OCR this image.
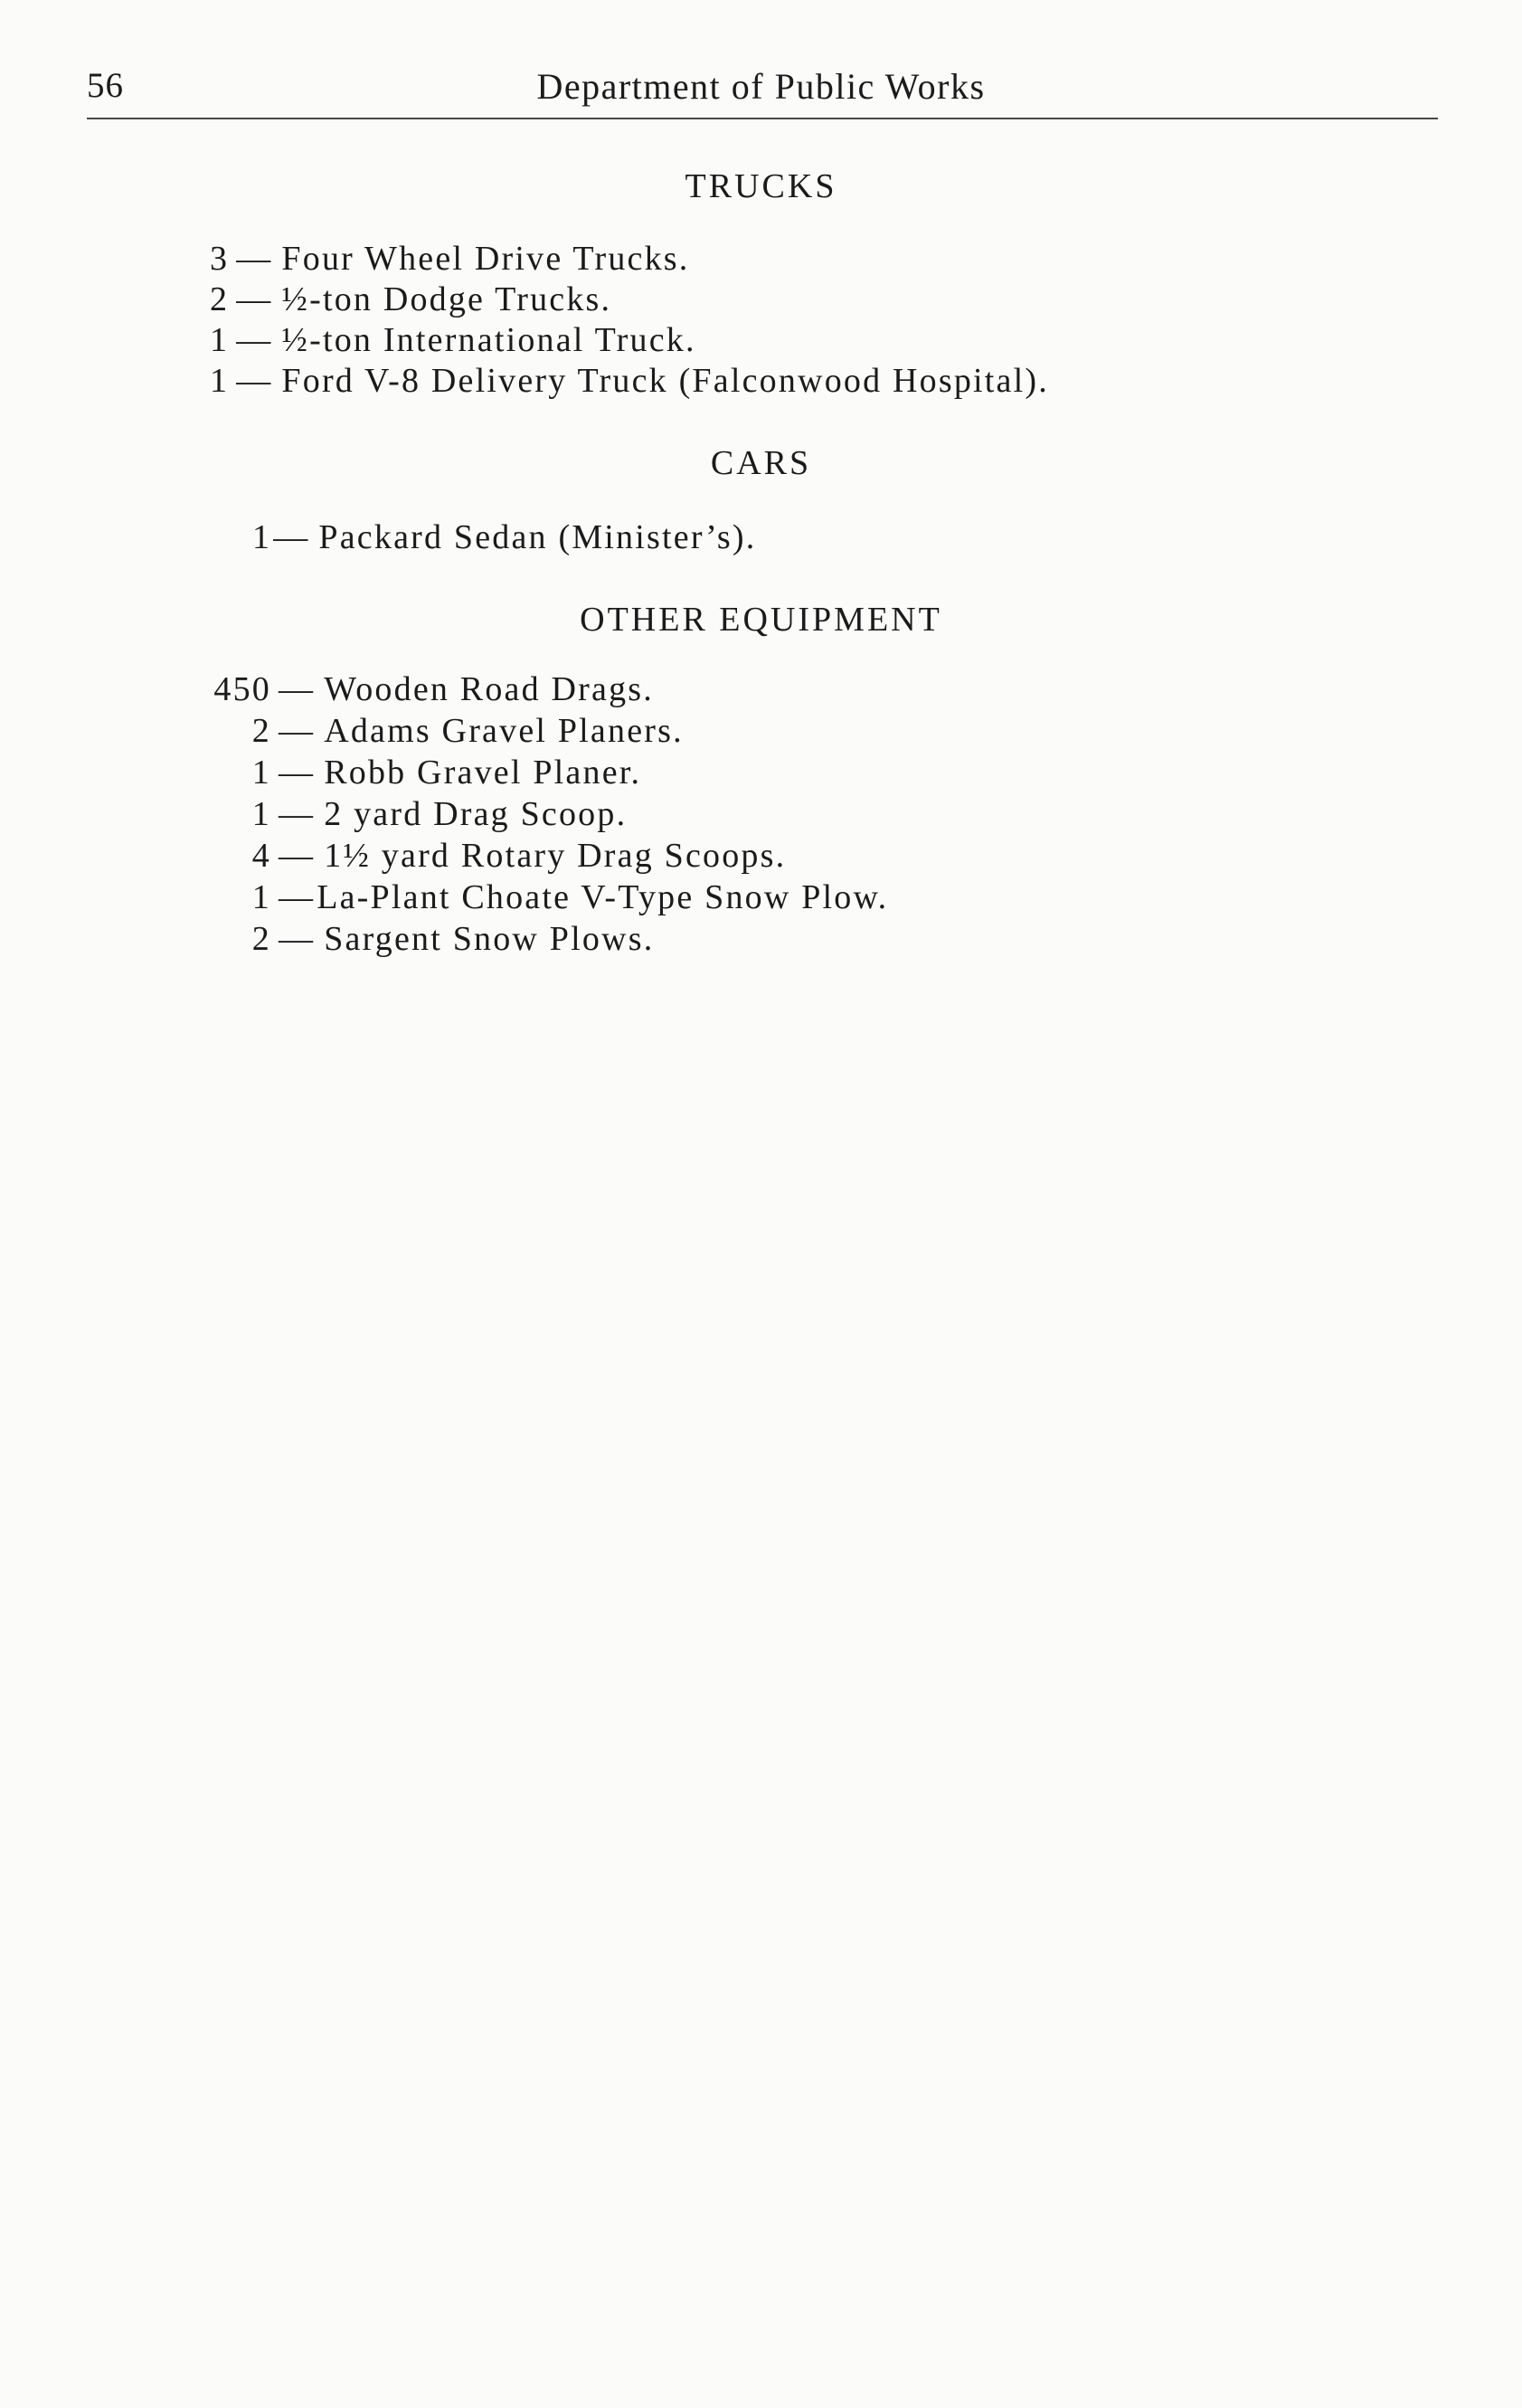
56	Department of Public Works
TRUCKS
3 — Four Wheel Drive Trucks.
2 — ½-ton Dodge Trucks.
1 — ½-ton International Truck.
1 — Ford V-8 Delivery Truck (Falconwood Hospital).
CARS
1 — Packard Sedan (Minister’s).
OTHER EQUIPMENT
450 — Wooden Road Drags.
2 — Adams Gravel Planers.
1 — Robb Gravel Planer.
1 — 2 yard Drag Scoop.
4 — 1½ yard Rotary Drag Scoops.
1 — La-Plant Choate V-Type Snow Plow.
2 — Sargent Snow Plows.
